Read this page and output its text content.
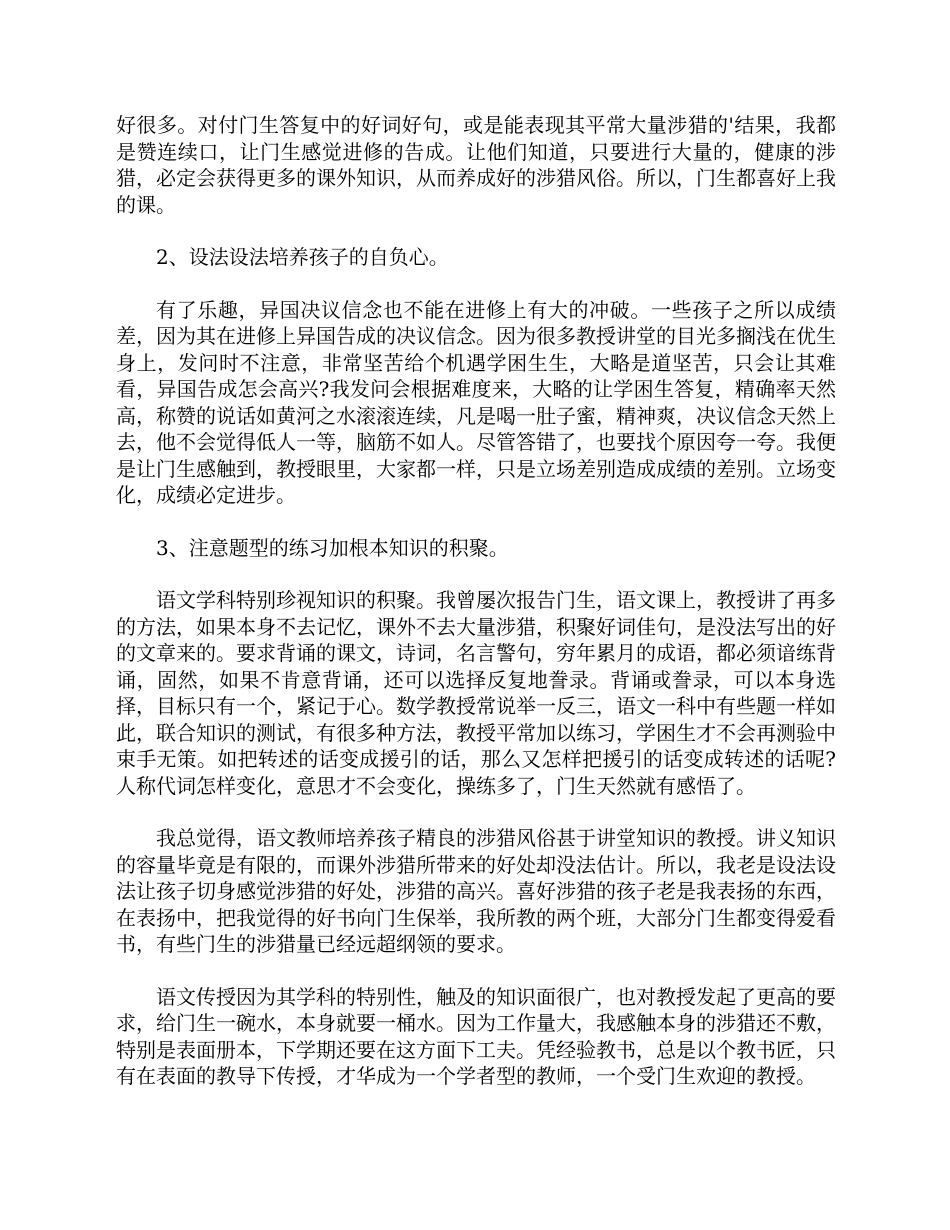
好很多。对付门生答复中的好词好句，或是能表现其平常大量涉猎的'结果，我都是赞连续口，让门生感觉进修的告成。让他们知道，只要进行大量的，健康的涉猎，必定会获得更多的课外知识，从而养成好的涉猎风俗。所以，门生都喜好上我的课。

2、设法设法培养孩子的自负心。

有了乐趣，异国决议信念也不能在进修上有大的冲破。一些孩子之所以成绩差，因为其在进修上异国告成的决议信念。因为很多教授讲堂的目光多搁浅在优生身上，发问时不注意，非常坚苦给个机遇学困生生，大略是道坚苦，只会让其难看，异国告成怎会高兴?我发问会根据难度来，大略的让学困生答复，精确率天然高，称赞的说话如黄河之水滚滚连续，凡是喝一肚子蜜，精神爽，决议信念天然上去，他不会觉得低人一等，脑筋不如人。尽管答错了，也要找个原因夸一夸。我便是让门生感触到，教授眼里，大家都一样，只是立场差别造成成绩的差别。立场变化，成绩必定进步。

3、注意题型的练习加根本知识的积聚。

语文学科特别珍视知识的积聚。我曾屡次报告门生，语文课上，教授讲了再多的方法，如果本身不去记忆，课外不去大量涉猎，积聚好词佳句，是没法写出的好的文章来的。要求背诵的课文，诗词，名言警句，穷年累月的成语，都必须谙练背诵，固然，如果不肯意背诵，还可以选择反复地誊录。背诵或誊录，可以本身选择，目标只有一个，紧记于心。数学教授常说举一反三，语文一科中有些题一样如此，联合知识的测试，有很多种方法，教授平常加以练习，学困生才不会再测验中束手无策。如把转述的话变成援引的话，那么又怎样把援引的话变成转述的话呢?人称代词怎样变化，意思才不会变化，操练多了，门生天然就有感悟了。

我总觉得，语文教师培养孩子精良的涉猎风俗甚于讲堂知识的教授。讲义知识的容量毕竟是有限的，而课外涉猎所带来的好处却没法估计。所以，我老是设法设法让孩子切身感觉涉猎的好处，涉猎的高兴。喜好涉猎的孩子老是我表扬的东西，在表扬中，把我觉得的好书向门生保举，我所教的两个班，大部分门生都变得爱看书，有些门生的涉猎量已经远超纲领的要求。

语文传授因为其学科的特别性，触及的知识面很广，也对教授发起了更高的要求，给门生一碗水，本身就要一桶水。因为工作量大，我感触本身的涉猎还不敷，特别是表面册本，下学期还要在这方面下工夫。凭经验教书，总是以个教书匠，只有在表面的教导下传授，才华成为一个学者型的教师，一个受门生欢迎的教授。
